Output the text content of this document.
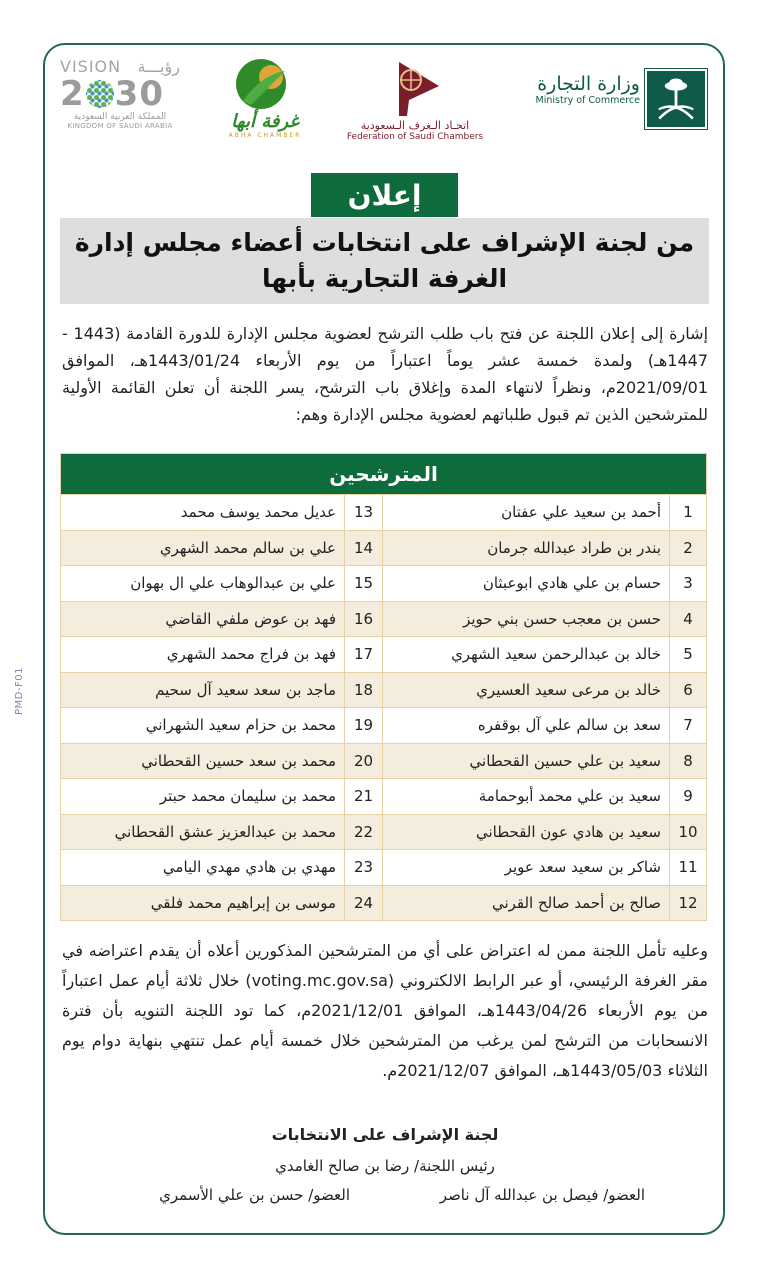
PMD-F01
وزارة التجارة
Ministry of Commerce
اتحـاد الـغرف الـسعودية
Federation of Saudi Chambers
غرفة أبها
ABHA CHAMBER
VISION رؤيـــة
2 30
المملكة العربية السعودية
KINGDOM OF SAUDI ARABIA
إعلان
من لجنة الإشراف على انتخابات أعضاء مجلس إدارة
الغرفة التجارية بأبها

إشارة إلى إعلان اللجنة عن فتح باب طلب الترشح لعضوية مجلس الإدارة للدورة القادمة (1443 - 1447هـ) ولمدة خمسة عشر يوماً اعتباراً من يوم الأربعاء 1443/01/24هـ، الموافق 2021/09/01م، ونظراً لانتهاء المدة وإغلاق باب الترشح، يسر اللجنة أن تعلن القائمة الأولية للمترشحين الذين تم قبول طلباتهم لعضوية مجلس الإدارة وهم:

المترشحين
1
أحمد بن سعيد علي عفتان
13
عديل محمد يوسف محمد
2
بندر بن طراد عبدالله جرمان
14
علي بن سالم محمد الشهري
3
حسام بن علي هادي ابوعبثان
15
علي بن عبدالوهاب علي ال بهوان
4
حسن بن معجب حسن بني حويز
16
فهد بن عوض ملفي القاضي
5
خالد بن عبدالرحمن سعيد الشهري
17
فهد بن فراج محمد الشهري
6
خالد بن مرعى سعيد العسيري
18
ماجد بن سعد سعيد آل سحيم
7
سعد بن سالم علي آل بوقفره
19
محمد بن حزام سعيد الشهراني
8
سعيد بن علي حسين القحطاني
20
محمد بن سعد حسين القحطاني
9
سعيد بن علي محمد أبوحمامة
21
محمد بن سليمان محمد حبتر
10
سعيد بن هادي عون القحطاني
22
محمد بن عبدالعزيز عشق القحطاني
11
شاكر بن سعيد سعد عوير
23
مهدي بن هادي مهدي اليامي
12
صالح بن أحمد صالح القرني
24
موسى بن إبراهيم محمد فلقي

وعليه تأمل اللجنة ممن له اعتراض على أي من المترشحين المذكورين أعلاه أن يقدم اعتراضه في مقر الغرفة الرئيسي، أو عبر الرابط الالكتروني (voting.mc.gov.sa) خلال ثلاثة أيام عمل اعتباراً من يوم الأربعاء 1443/04/26هـ، الموافق 2021/12/01م، كما تود اللجنة التنويه بأن فترة الانسحابات من الترشح لمن يرغب من المترشحين خلال خمسة أيام عمل تنتهي بنهاية دوام يوم الثلاثاء 1443/05/03هـ، الموافق 2021/12/07م.

لجنة الإشراف على الانتخابات
رئيس اللجنة/ رضا بن صالح الغامدي
العضو/ فيصل بن عبدالله آل ناصر
العضو/ حسن بن علي الأسمري
